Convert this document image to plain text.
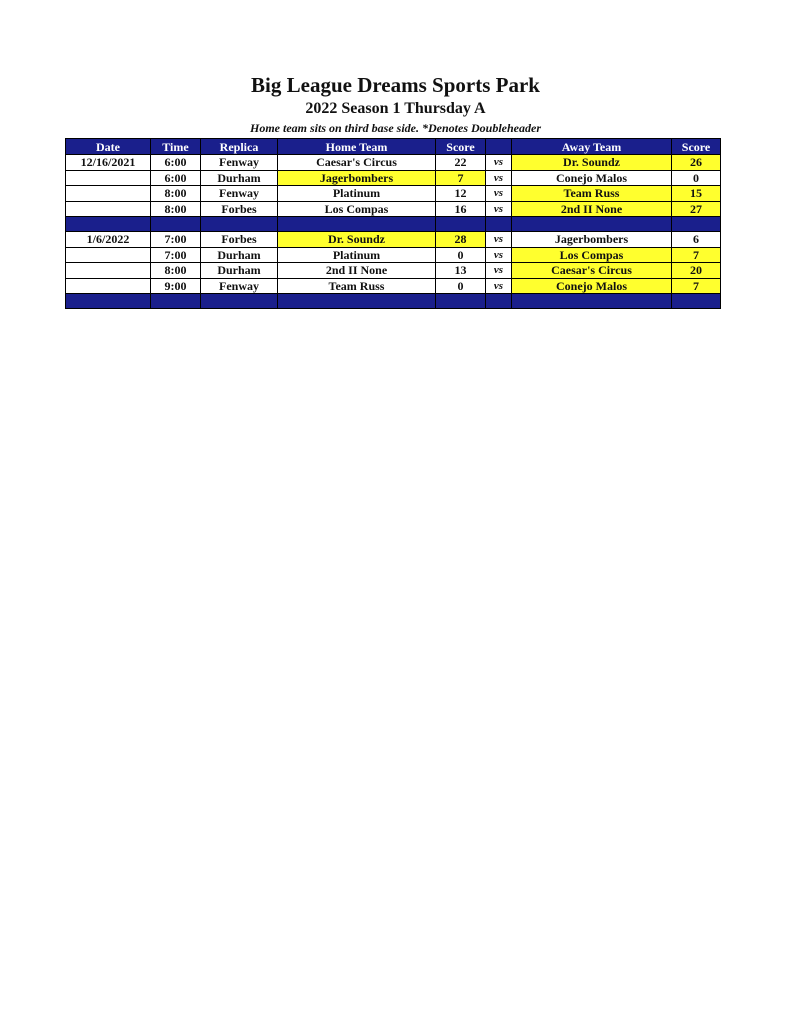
Big League Dreams Sports Park
2022 Season 1 Thursday A
Home team sits on third base side. *Denotes Doubleheader
Date	Time	Replica	Home Team	Score		Away Team	Score
12/16/2021	6:00	Fenway	Caesar's Circus	22	vs	Dr. Soundz	26
	6:00	Durham	Jagerbombers	7	vs	Conejo Malos	0
	8:00	Fenway	Platinum	12	vs	Team Russ	15
	8:00	Forbes	Los Compas	16	vs	2nd II None	27

1/6/2022	7:00	Forbes	Dr. Soundz	28	vs	Jagerbombers	6
	7:00	Durham	Platinum	0	vs	Los Compas	7
	8:00	Durham	2nd II None	13	vs	Caesar's Circus	20
	9:00	Fenway	Team Russ	0	vs	Conejo Malos	7
